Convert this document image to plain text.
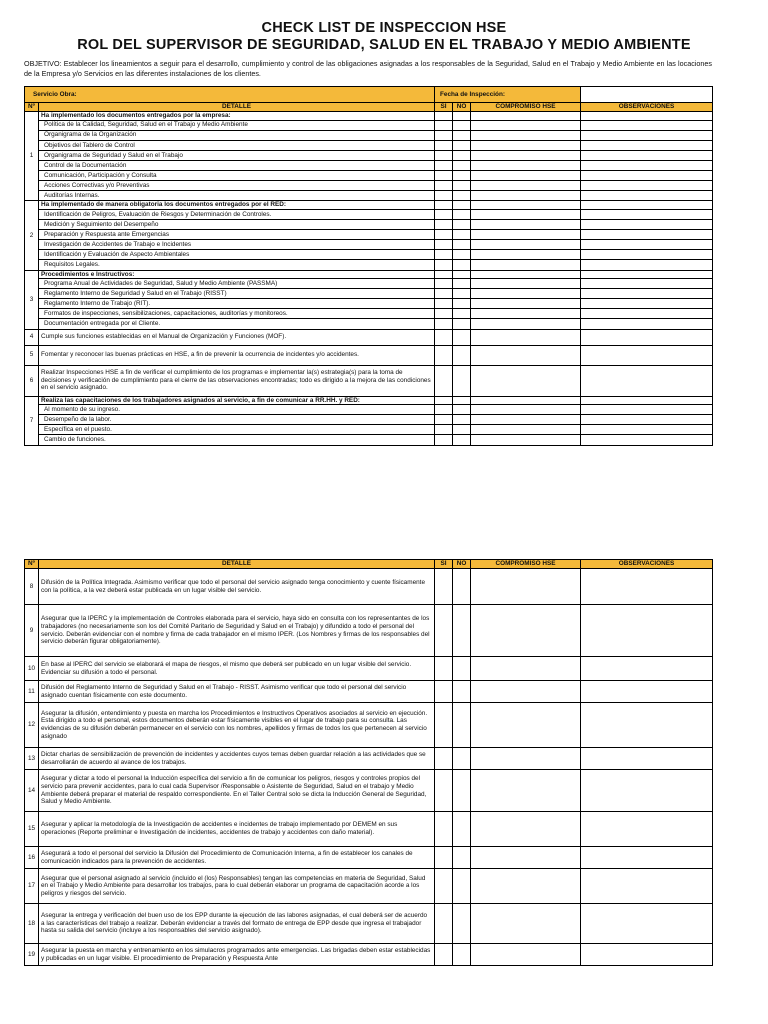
CHECK LIST DE INSPECCION HSE
ROL DEL SUPERVISOR DE SEGURIDAD, SALUD EN EL TRABAJO Y MEDIO AMBIENTE
OBJETIVO: Establecer los lineamientos a seguir para el desarrollo, cumplimiento y control de las obligaciones asignadas a los responsables de la Seguridad, Salud en el Trabajo y Medio Ambiente en las locaciones de la Empresa y/o Servicios en las diferentes instalaciones de los clientes.
Servicio Obra:		Fecha de Inspección:			
Nº	DETALLE	SI	NO	COMPROMISO HSE	OBSERVACIONES
1	Ha implementado los documentos entregados por la empresa:				
	Política de la Calidad, Seguridad, Salud en el Trabajo y Medio Ambiente				
	Organigrama de la Organización				
	Objetivos del Tablero de Control				
	Organigrama de Seguridad y Salud en el Trabajo				
	Control de la Documentación				
	Comunicación, Participación y Consulta				
	Acciones Correctivas y/o Preventivas				
	Auditorías Internas.				
2	Ha implementado de manera obligatoria los documentos entregados por el RED:				
	Identificación de Peligros, Evaluación de Riesgos y Determinación de Controles.				
	Medición y Seguimiento del Desempeño				
	Preparación y Respuesta ante Emergencias				
	Investigación de Accidentes de Trabajo e Incidentes				
	Identificación y Evaluación de Aspecto Ambientales				
	Requisitos Legales.				
3	Procedimientos e Instructivos:				
	Programa Anual de Actividades de Seguridad, Salud y Medio Ambiente (PASSMA)				
	Reglamento Interno de Seguridad y Salud en el Trabajo (RISST)				
	Reglamento Interno de Trabajo (RIT).				
	Formatos de inspecciones, sensibilizaciones, capacitaciones, auditorías y monitoreos.				
	Documentación entregada por el Cliente.				
4	Cumple sus funciones establecidas en el Manual de Organización y Funciones (MOF).				
5	Fomentar y reconocer las buenas prácticas en HSE, a fin de prevenir la ocurrencia de incidentes y/o accidentes.				
6	Realizar Inspecciones HSE a fin de verificar el cumplimiento de los programas e implementar la(s) estrategia(s) para la toma de decisiones y verificación de cumplimiento para el cierre de las observaciones encontradas; todo es dirigido a la mejora de las condiciones en el servicio asignado.				
7	Realiza las capacitaciones de los trabajadores asignados al servicio, a fin de comunicar a RR.HH. y RED:				
	Al momento de su ingreso.				
	Desempeño de la labor.				
	Específica en el puesto.				
	Cambio de funciones.				
Nº	DETALLE	SI	NO	COMPROMISO HSE	OBSERVACIONES
8	Difusión de la Política Integrada. Asimismo verificar que todo el personal del servicio asignado tenga conocimiento y cuente físicamente con la política, a la vez deberá estar publicada en un lugar visible del servicio.				
9	Asegurar que la IPERC y la implementación de Controles elaborada para el servicio, haya sido en consulta con los representantes de los trabajadores (no necesariamente son los del Comité Paritario de Seguridad y Salud en el Trabajo) y difundido a todo el personal del servicio. Deberán evidenciar con el nombre y firma de cada trabajador en el mismo IPER. (Los Nombres y firmas de los responsables del servicio deberán figurar obligatoriamente).				
10	En base al IPERC del servicio se elaborará el mapa de riesgos, el mismo que deberá ser publicado en un lugar visible del servicio. Evidenciar su difusión a todo el personal.				
11	Difusión del Reglamento Interno de Seguridad y Salud en el Trabajo - RISST. Asimismo verificar que todo el personal del servicio asignado cuentan físicamente con este documento.				
12	Asegurar la difusión, entendimiento y puesta en marcha los Procedimientos e Instructivos Operativos asociados al servicio en ejecución. Esta dirigido a todo el personal, estos documentos deberán estar físicamente visibles en el lugar de trabajo para su consulta. Las evidencias de su difusión deberán permanecer en el servicio con los nombres, apellidos y firmas de todos los que pertenecen al servicio asignado				
13	Dictar charlas de sensibilización de prevención de incidentes y accidentes cuyos temas deben guardar relación a las actividades que se desarrollarán de acuerdo al avance de los trabajos.				
14	Asegurar y dictar a todo el personal la Inducción específica del servicio a fin de comunicar los peligros, riesgos y controles propios del servicio para prevenir accidentes, para lo cual cada Supervisor /Responsable o Asistente de Seguridad, Salud en el trabajo y Medio Ambiente deberá preparar el material de respaldo correspondiente. En el Taller Central solo se dicta la Inducción General de Seguridad, Salud y Medio Ambiente.				
15	Asegurar y aplicar la metodología de la Investigación de accidentes e incidentes de trabajo implementado por DEMEM en sus operaciones (Reporte preliminar e Investigación de incidentes, accidentes de trabajo y accidentes con daño material).				
16	Asegurará a todo el personal del servicio la Difusión del Procedimiento de Comunicación Interna, a fin de establecer los canales de comunicación indicados para la prevención de accidentes.				
17	Asegurar que el personal asignado al servicio (incluido el (los) Responsables) tengan las competencias en materia de Seguridad, Salud en el Trabajo y Medio Ambiente para desarrollar los trabajos, para lo cual deberán elaborar un programa de capacitación acorde a los peligros y riesgos del servicio.				
18	Asegurar la entrega y verificación del buen uso de los EPP durante la ejecución de las labores asignadas, el cual deberá ser de acuerdo a las características del trabajo a realizar. Deberán evidenciar a través del formato de entrega de EPP desde que ingresa el trabajador hasta su salida del servicio (incluye a los responsables del servicio asignado).				
19	Asegurar la puesta en marcha y entrenamiento en los simulacros programados ante emergencias. Las brigadas deben estar establecidas y publicadas en un lugar visible. El procedimiento de Preparación y Respuesta Ante				
